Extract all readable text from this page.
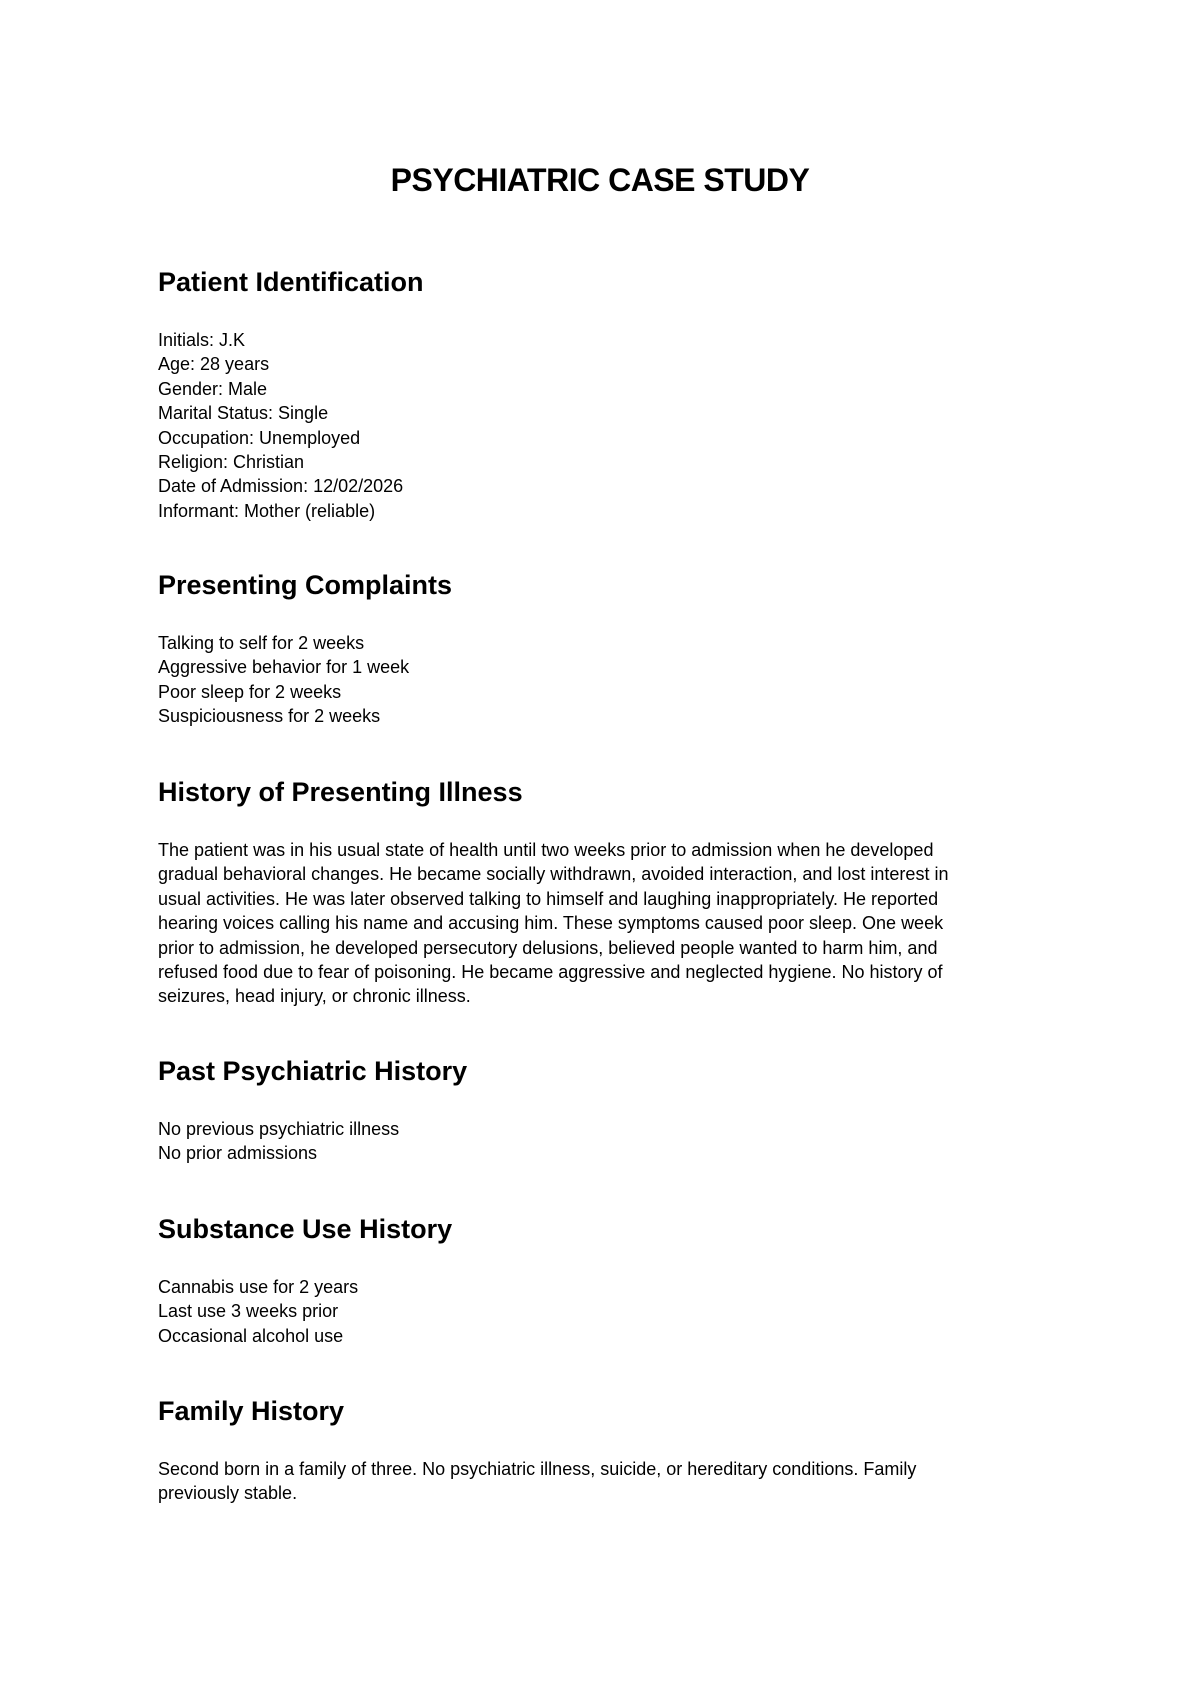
PSYCHIATRIC CASE STUDY
Patient Identification
Initials: J.K
Age: 28 years
Gender: Male
Marital Status: Single
Occupation: Unemployed
Religion: Christian
Date of Admission: 12/02/2026
Informant: Mother (reliable)
Presenting Complaints
Talking to self for 2 weeks
Aggressive behavior for 1 week
Poor sleep for 2 weeks
Suspiciousness for 2 weeks
History of Presenting Illness
The patient was in his usual state of health until two weeks prior to admission when he developed
gradual behavioral changes. He became socially withdrawn, avoided interaction, and lost interest in
usual activities. He was later observed talking to himself and laughing inappropriately. He reported
hearing voices calling his name and accusing him. These symptoms caused poor sleep. One week
prior to admission, he developed persecutory delusions, believed people wanted to harm him, and
refused food due to fear of poisoning. He became aggressive and neglected hygiene. No history of
seizures, head injury, or chronic illness.
Past Psychiatric History
No previous psychiatric illness
No prior admissions
Substance Use History
Cannabis use for 2 years
Last use 3 weeks prior
Occasional alcohol use
Family History
Second born in a family of three. No psychiatric illness, suicide, or hereditary conditions. Family
previously stable.
